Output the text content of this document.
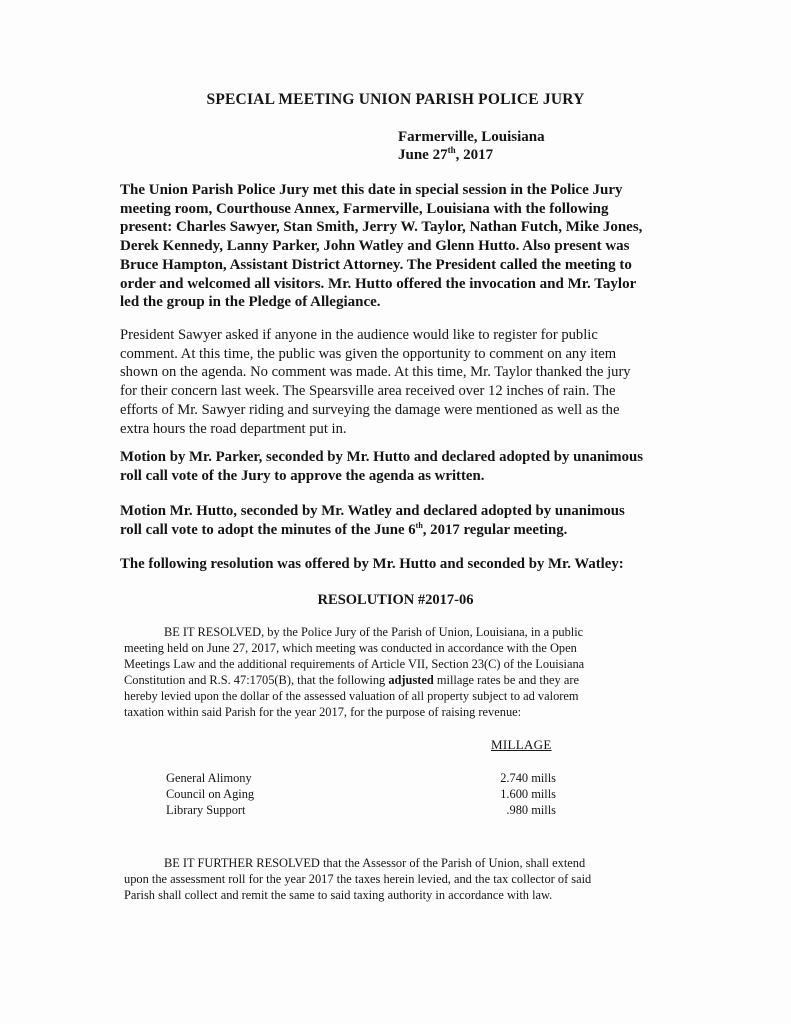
SPECIAL MEETING UNION PARISH POLICE JURY
Farmerville, Louisiana
June 27th, 2017
The Union Parish Police Jury met this date in special session in the Police Jury
meeting room, Courthouse Annex, Farmerville, Louisiana with the following
present: Charles Sawyer, Stan Smith, Jerry W. Taylor, Nathan Futch, Mike Jones,
Derek Kennedy, Lanny Parker, John Watley and Glenn Hutto. Also present was
Bruce Hampton, Assistant District Attorney. The President called the meeting to
order and welcomed all visitors. Mr. Hutto offered the invocation and Mr. Taylor
led the group in the Pledge of Allegiance.
President Sawyer asked if anyone in the audience would like to register for public
comment. At this time, the public was given the opportunity to comment on any item
shown on the agenda. No comment was made. At this time, Mr. Taylor thanked the jury
for their concern last week. The Spearsville area received over 12 inches of rain. The
efforts of Mr. Sawyer riding and surveying the damage were mentioned as well as the
extra hours the road department put in.
Motion by Mr. Parker, seconded by Mr. Hutto and declared adopted by unanimous
roll call vote of the Jury to approve the agenda as written.
Motion Mr. Hutto, seconded by Mr. Watley and declared adopted by unanimous
roll call vote to adopt the minutes of the June 6th, 2017 regular meeting.
The following resolution was offered by Mr. Hutto and seconded by Mr. Watley:
RESOLUTION #2017-06
BE IT RESOLVED, by the Police Jury of the Parish of Union, Louisiana, in a public
meeting held on June 27, 2017, which meeting was conducted in accordance with the Open
Meetings Law and the additional requirements of Article VII, Section 23(C) of the Louisiana
Constitution and R.S. 47:1705(B), that the following adjusted millage rates be and they are
hereby levied upon the dollar of the assessed valuation of all property subject to ad valorem
taxation within said Parish for the year 2017, for the purpose of raising revenue:
MILLAGE
General Alimony	2.740 mills
Council on Aging	1.600 mills
Library Support	.980 mills
BE IT FURTHER RESOLVED that the Assessor of the Parish of Union, shall extend
upon the assessment roll for the year 2017 the taxes herein levied, and the tax collector of said
Parish shall collect and remit the same to said taxing authority in accordance with law.
